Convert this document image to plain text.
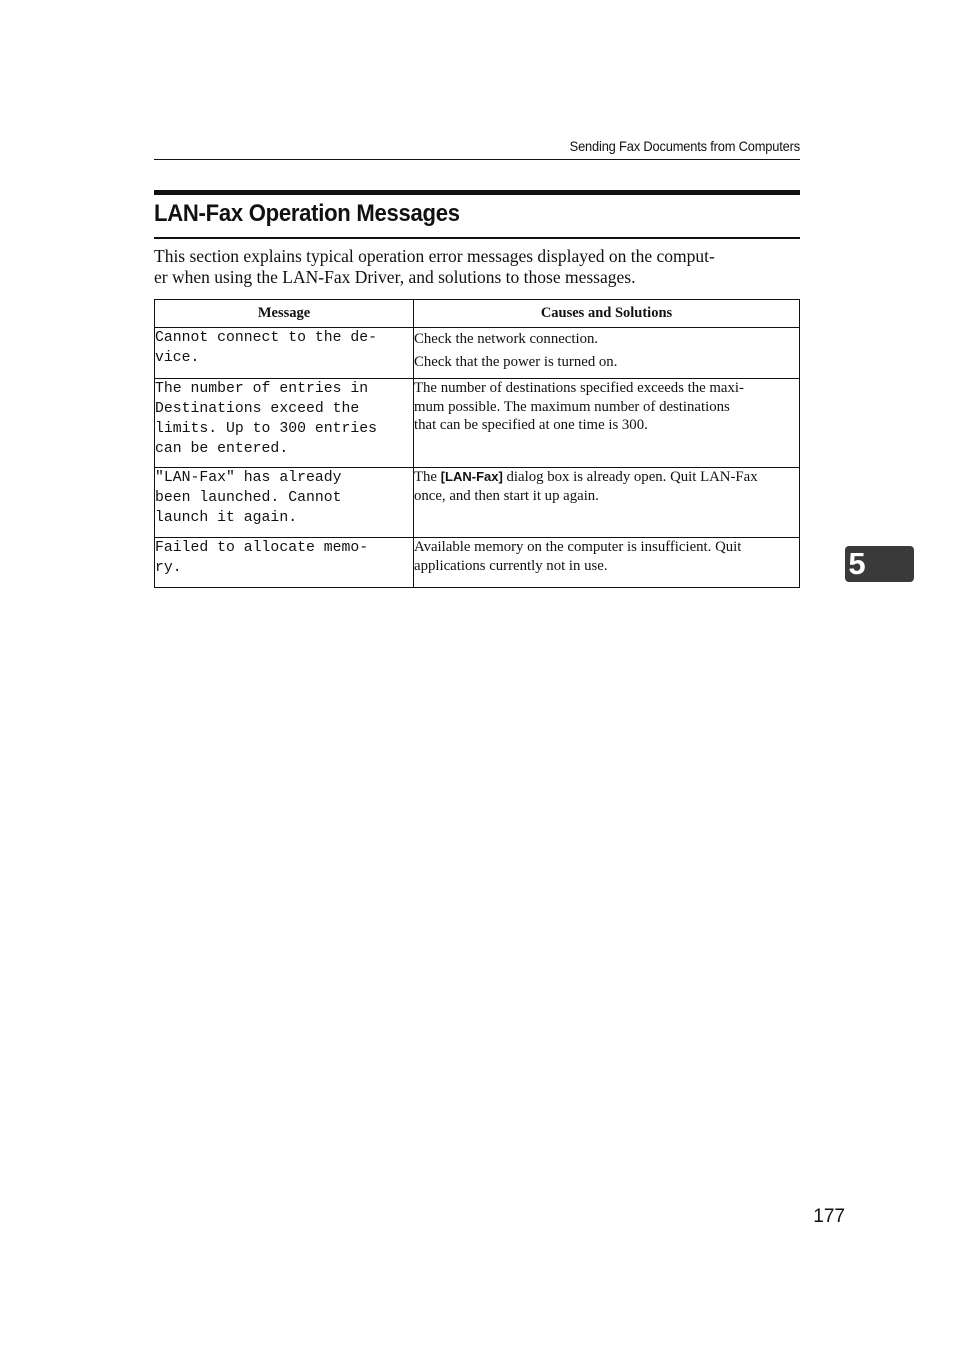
Sending Fax Documents from Computers
LAN-Fax Operation Messages
This section explains typical operation error messages displayed on the comput-
er when using the LAN-Fax Driver, and solutions to those messages.
Message	Causes and Solutions

Cannot connect to the de-
vice.	Check the network connection.
Check that the power is turned on.

The number of entries in
Destinations exceed the
limits. Up to 300 entries
can be entered.	The number of destinations specified exceeds the maxi-
mum possible. The maximum number of destinations
that can be specified at one time is 300.

"LAN-Fax" has already
been launched. Cannot
launch it again.	The [LAN-Fax] dialog box is already open. Quit LAN-Fax
once, and then start it up again.

Failed to allocate memo-
ry.	Available memory on the computer is insufficient. Quit
applications currently not in use.	5
177
